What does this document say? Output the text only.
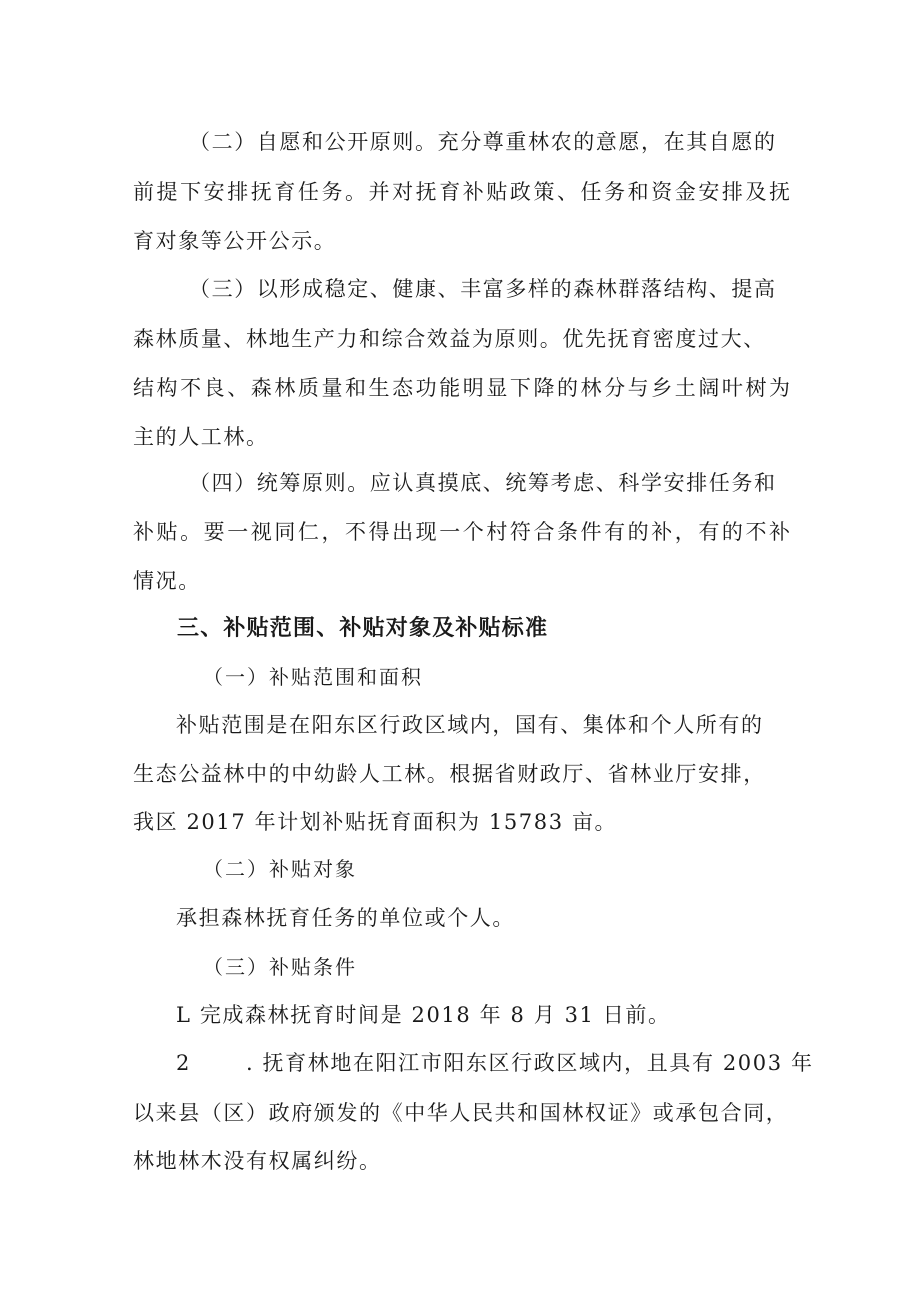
（二）自愿和公开原则。充分尊重林农的意愿，在其自愿的
前提下安排抚育任务。并对抚育补贴政策、任务和资金安排及抚
育对象等公开公示。
（三）以形成稳定、健康、丰富多样的森林群落结构、提高
森林质量、林地生产力和综合效益为原则。优先抚育密度过大、
结构不良、森林质量和生态功能明显下降的林分与乡土阔叶树为
主的人工林。
（四）统筹原则。应认真摸底、统筹考虑、科学安排任务和
补贴。要一视同仁，不得出现一个村符合条件有的补，有的不补
情况。
三、补贴范围、补贴对象及补贴标准
（一）补贴范围和面积
补贴范围是在阳东区行政区域内，国有、集体和个人所有的
生态公益林中的中幼龄人工林。根据省财政厅、省林业厅安排，
我区 2017 年计划补贴抚育面积为 15783 亩。
（二）补贴对象
承担森林抚育任务的单位或个人。
（三）补贴条件
L 完成森林抚育时间是 2018 年 8 月 31 日前。
2	. 抚育林地在阳江市阳东区行政区域内，且具有 2003 年
以来县（区）政府颁发的《中华人民共和国林权证》或承包合同，
林地林木没有权属纠纷。
